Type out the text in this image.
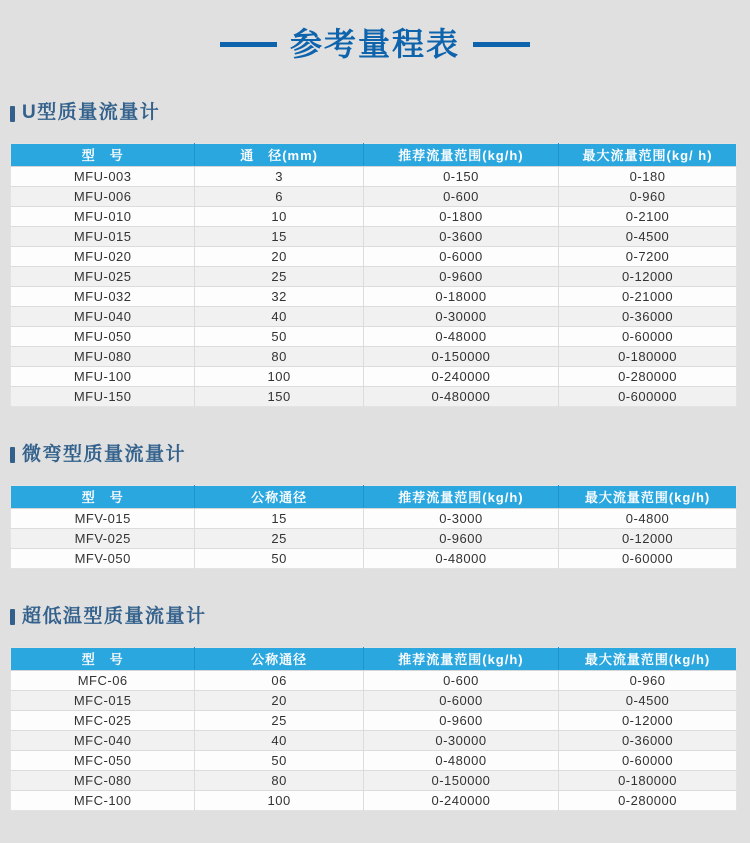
参考量程表
U型质量流量计
型　号	通　径(mm)	推荐流量范围(kg/h)	最大流量范围(kg/ h)
MFU-003	3	0-150	0-180
MFU-006	6	0-600	0-960
MFU-010	10	0-1800	0-2100
MFU-015	15	0-3600	0-4500
MFU-020	20	0-6000	0-7200
MFU-025	25	0-9600	0-12000
MFU-032	32	0-18000	0-21000
MFU-040	40	0-30000	0-36000
MFU-050	50	0-48000	0-60000
MFU-080	80	0-150000	0-180000
MFU-100	100	0-240000	0-280000
MFU-150	150	0-480000	0-600000
微弯型质量流量计
型　号	公称通径	推荐流量范围(kg/h)	最大流量范围(kg/h)
MFV-015	15	0-3000	0-4800
MFV-025	25	0-9600	0-12000
MFV-050	50	0-48000	0-60000
超低温型质量流量计
型　号	公称通径	推荐流量范围(kg/h)	最大流量范围(kg/h)
MFC-06	06	0-600	0-960
MFC-015	20	0-6000	0-4500
MFC-025	25	0-9600	0-12000
MFC-040	40	0-30000	0-36000
MFC-050	50	0-48000	0-60000
MFC-080	80	0-150000	0-180000
MFC-100	100	0-240000	0-280000
